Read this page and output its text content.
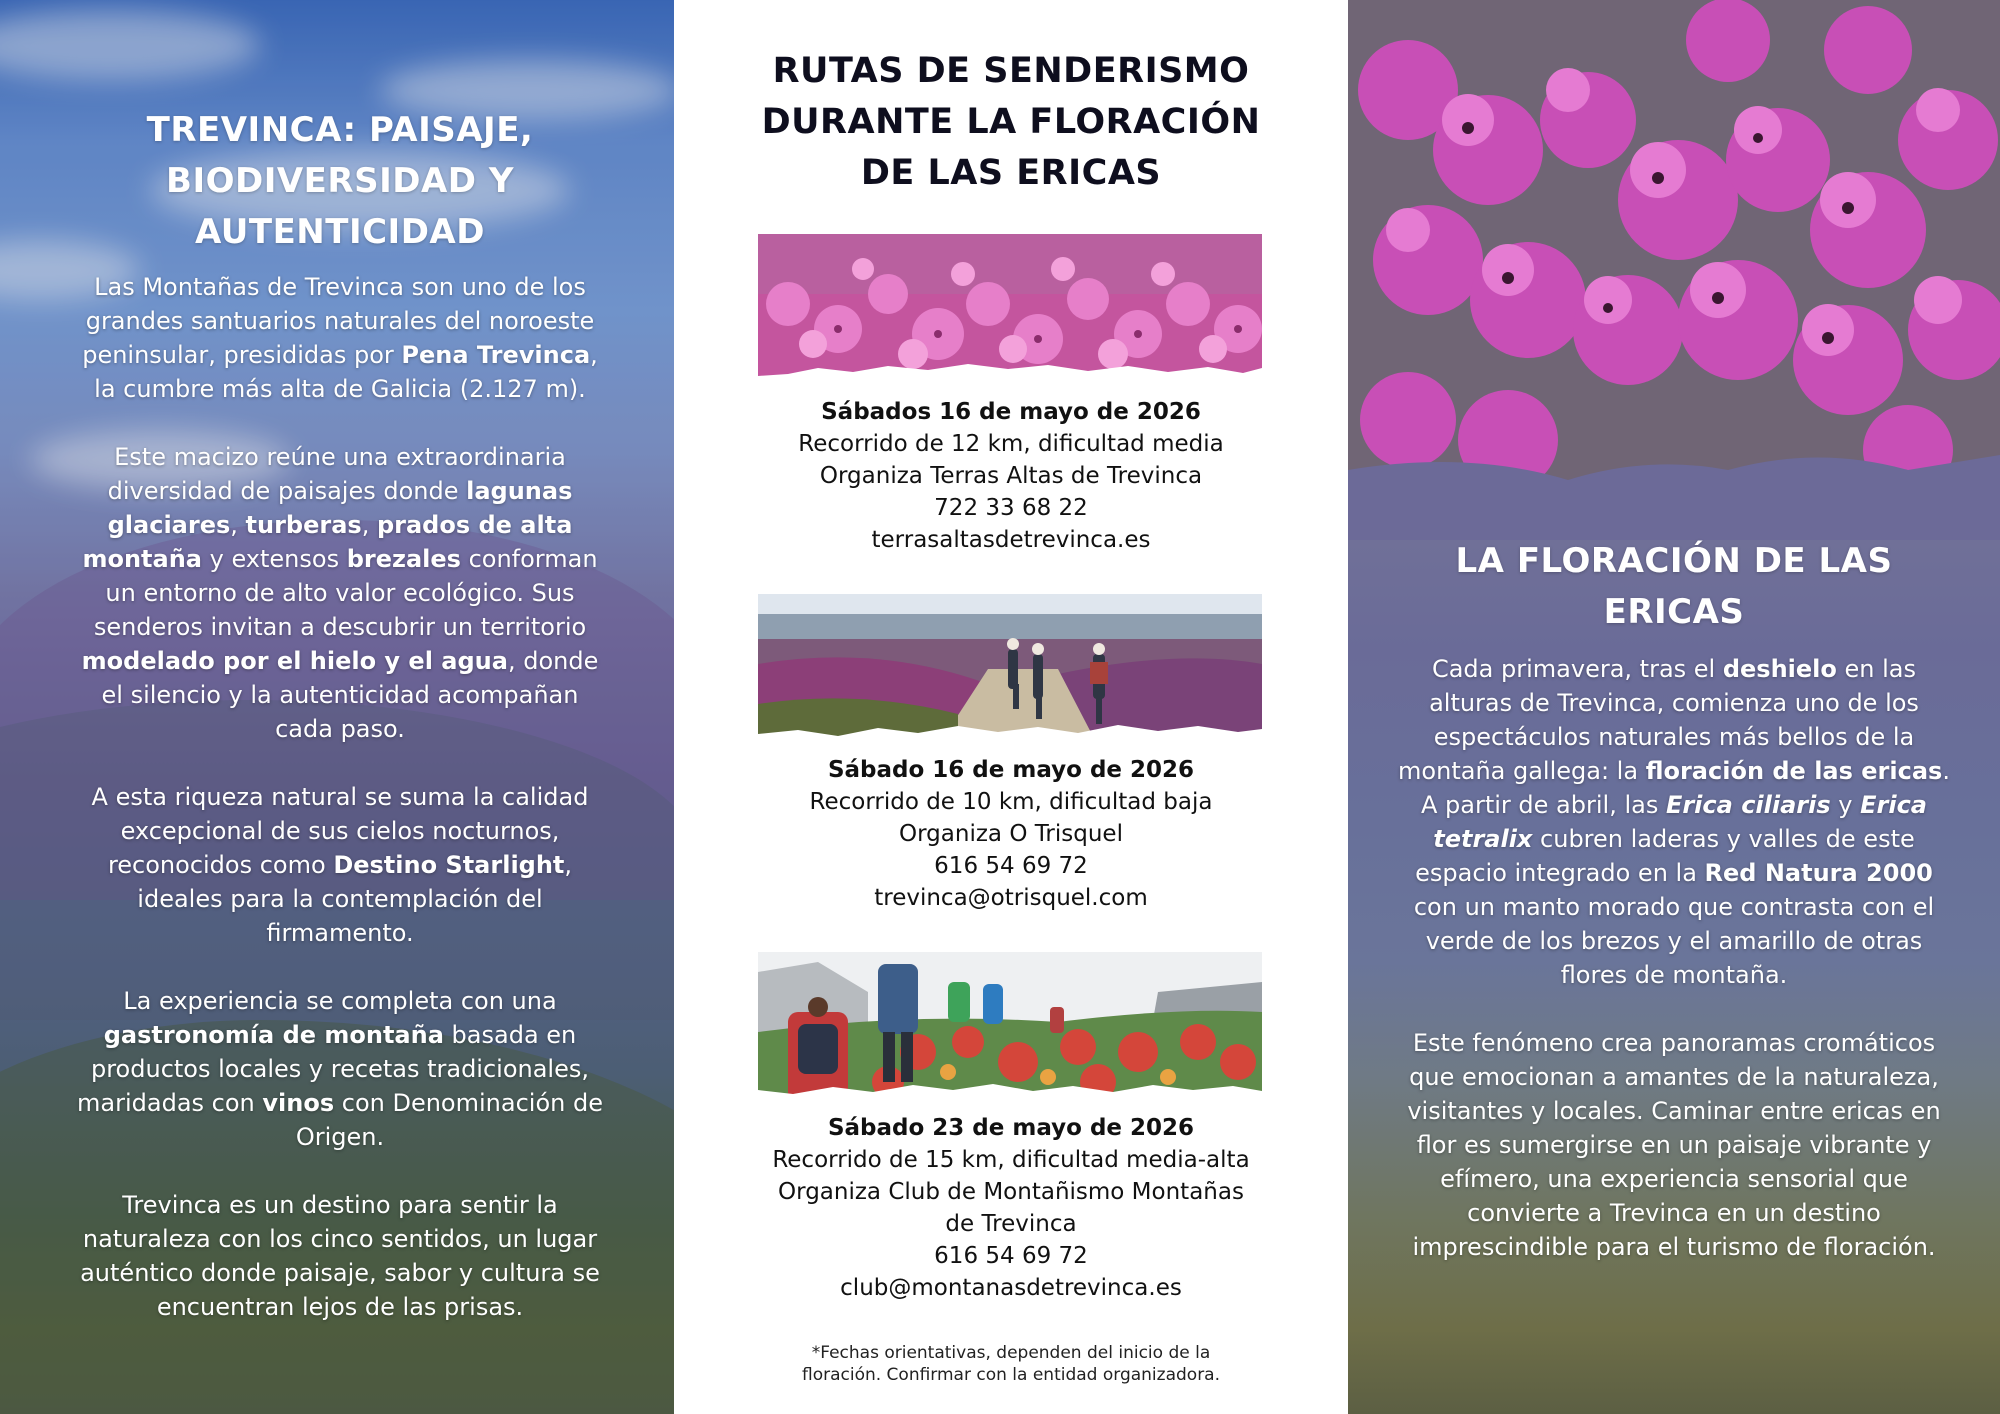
TREVINCA: PAISAJE,
BIODIVERSIDAD Y
AUTENTICIDAD

Las Montañas de Trevinca son uno de los grandes santuarios naturales del noroeste peninsular, presididas por Pena Trevinca, la cumbre más alta de Galicia (2.127 m).

Este macizo reúne una extraordinaria diversidad de paisajes donde lagunas glaciares, turberas, prados de alta montaña y extensos brezales conforman un entorno de alto valor ecológico. Sus senderos invitan a descubrir un territorio modelado por el hielo y el agua, donde el silencio y la autenticidad acompañan cada paso.

A esta riqueza natural se suma la calidad excepcional de sus cielos nocturnos, reconocidos como Destino Starlight, ideales para la contemplación del firmamento.

La experiencia se completa con una gastronomía de montaña basada en productos locales y recetas tradicionales, maridadas con vinos con Denominación de Origen.

Trevinca es un destino para sentir la naturaleza con los cinco sentidos, un lugar auténtico donde paisaje, sabor y cultura se encuentran lejos de las prisas.

RUTAS DE SENDERISMO
DURANTE LA FLORACIÓN
DE LAS ERICAS
Sábados 16 de mayo de 2026
Recorrido de 12 km, dificultad media
Organiza Terras Altas de Trevinca
722 33 68 22
terrasaltasdetrevinca.es
Sábado 16 de mayo de 2026
Recorrido de 10 km, dificultad baja
Organiza O Trisquel
616 54 69 72
trevinca@otrisquel.com
Sábado 23 de mayo de 2026
Recorrido de 15 km, dificultad media-alta
Organiza Club de Montañismo Montañas
de Trevinca
616 54 69 72
club@montanasdetrevinca.es
*Fechas orientativas, dependen del inicio de la
floración. Confirmar con la entidad organizadora.
LA FLORACIÓN DE LAS
ERICAS

Cada primavera, tras el deshielo en las alturas de Trevinca, comienza uno de los espectáculos naturales más bellos de la montaña gallega: la floración de las ericas. A partir de abril, las Erica ciliaris y Erica tetralix cubren laderas y valles de este espacio integrado en la Red Natura 2000 con un manto morado que contrasta con el verde de los brezos y el amarillo de otras flores de montaña.

Este fenómeno crea panoramas cromáticos que emocionan a amantes de la naturaleza, visitantes y locales. Caminar entre ericas en flor es sumergirse en un paisaje vibrante y efímero, una experiencia sensorial que convierte a Trevinca en un destino imprescindible para el turismo de floración.
